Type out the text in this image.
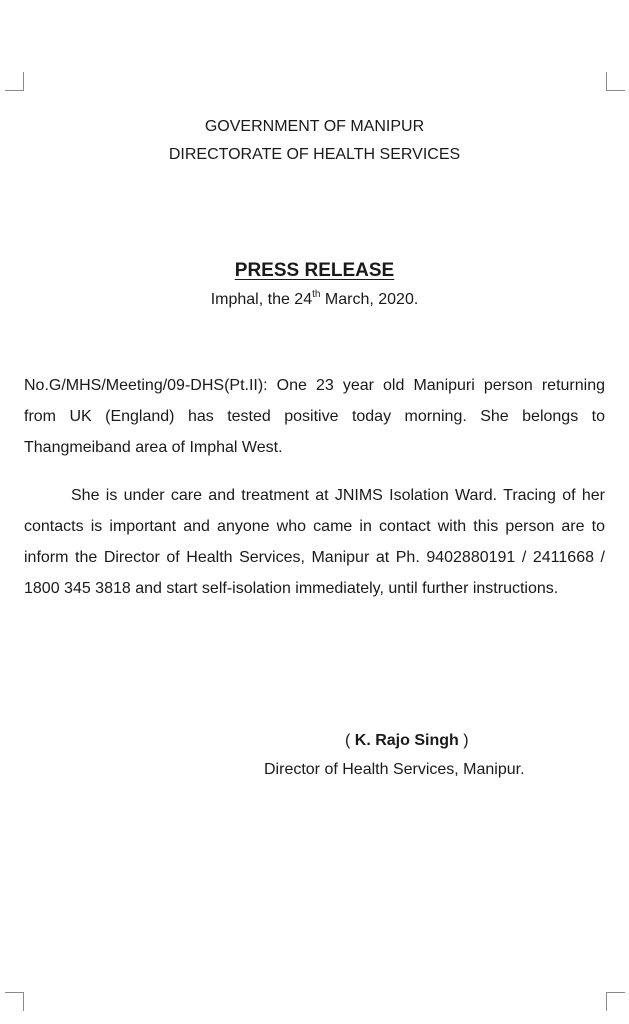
GOVERNMENT OF MANIPUR
DIRECTORATE OF HEALTH SERVICES
PRESS RELEASE
Imphal, the 24th March, 2020.

No.G/MHS/Meeting/09-DHS(Pt.II): One 23 year old Manipuri person returning from UK (England) has tested positive today morning. She belongs to Thangmeiband area of Imphal West.

She is under care and treatment at JNIMS Isolation Ward. Tracing of her contacts is important and anyone who came in contact with this person are to inform the Director of Health Services, Manipur at Ph. 9402880191 / 2411668 / 1800 345 3818 and start self-isolation immediately, until further instructions.

( K. Rajo Singh )
Director of Health Services, Manipur.
